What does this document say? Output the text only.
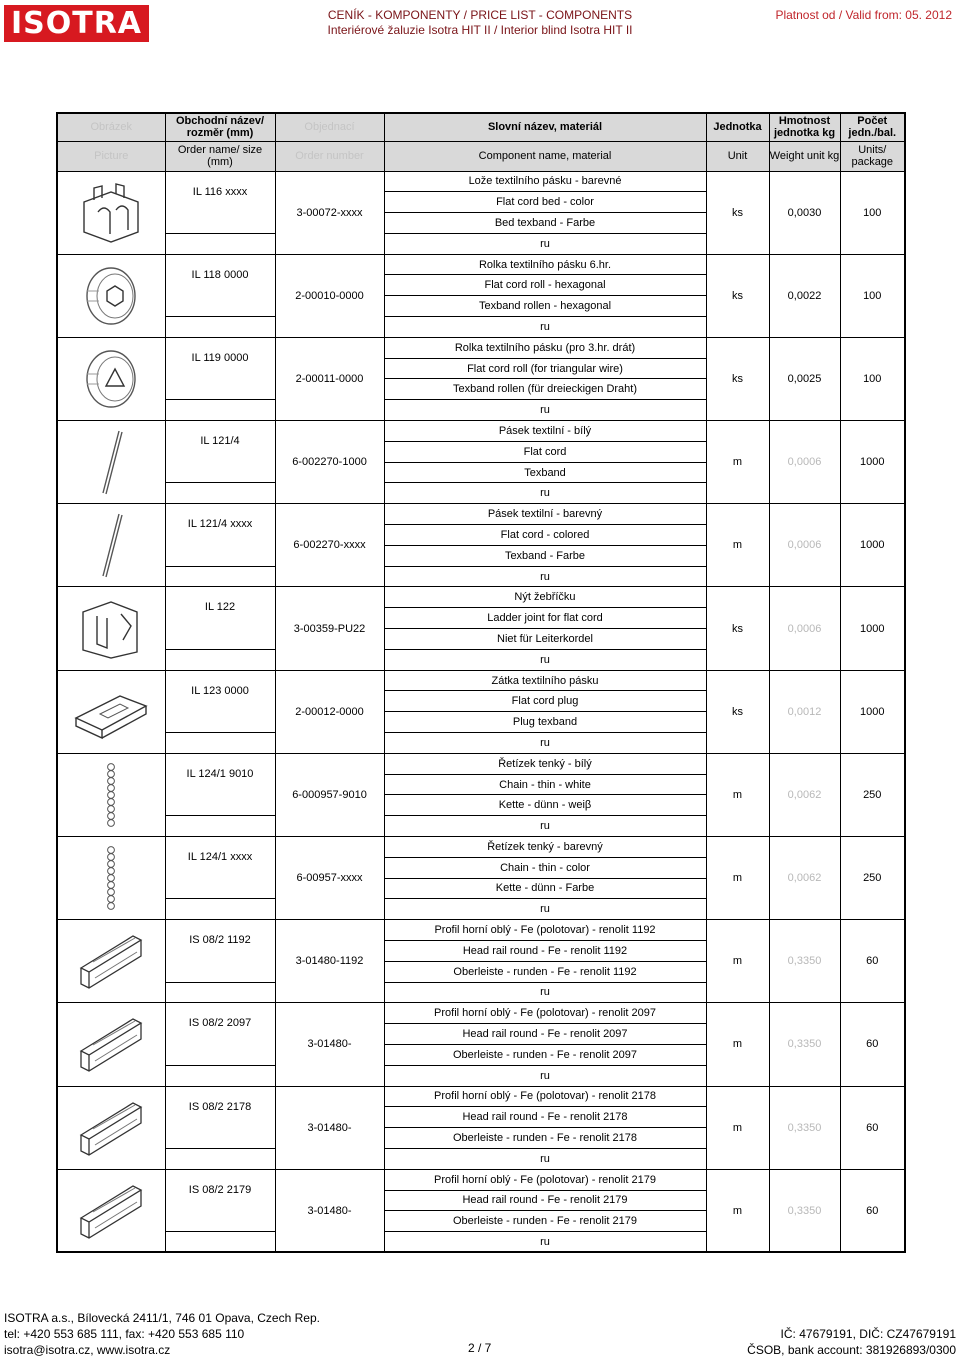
ISOTRA	CENÍK - KOMPONENTY / PRICE LIST - COMPONENTS
Interiérové žaluzie Isotra HIT II / Interior blind Isotra HIT II
Platnost od / Valid from: 05. 2012
Obrázek	Obchodní název/ rozměr (mm)	Objednací	Slovní název, materiál	Jednotka	Hmotnost jednotka kg	Počet jedn./bal.
Picture	Order name/ size (mm)	Order number	Component name, material	Unit	Weight unit kg	Units/ package

	IL 116 xxxx	3-00072-xxxx	Lože textilního pásku - barevné	ks	0,0030	100
			Flat cord bed - color			
			Bed texband - Farbe			
			ru			

	IL 118 0000	2-00010-0000	Rolka textilního pásku 6.hr.	ks	0,0022	100
			Flat cord roll - hexagonal			
			Texband rollen - hexagonal			
			ru			

	IL 119 0000	2-00011-0000	Rolka textilního pásku (pro 3.hr. drát)	ks	0,0025	100
			Flat cord roll (for triangular wire)			
			Texband rollen (für dreieckigen Draht)			
			ru			

	IL 121/4	6-002270-1000	Pásek textilní - bílý	m	0,0006	1000
			Flat cord			
			Texband			
			ru			

	IL 121/4 xxxx	6-002270-xxxx	Pásek textilní - barevný	m	0,0006	1000
			Flat cord - colored			
			Texband - Farbe			
			ru			

	IL 122	3-00359-PU22	Nýt žebříčku	ks	0,0006	1000
			Ladder joint for flat cord			
			Niet für Leiterkordel			
			ru			

	IL 123 0000	2-00012-0000	Zátka textilního pásku	ks	0,0012	1000
			Flat cord plug			
			Plug texband			
			ru			

	IL 124/1 9010	6-000957-9010	Řetízek tenký - bílý	m	0,0062	250
			Chain - thin - white			
			Kette - dünn - weiβ			
			ru			

	IL 124/1 xxxx	6-00957-xxxx	Řetízek tenký - barevný	m	0,0062	250
			Chain - thin - color			
			Kette - dünn - Farbe			
			ru			

	IS 08/2 1192	3-01480-1192	Profil horní oblý - Fe (polotovar) - renolit 1192	m	0,3350	60
			Head rail round - Fe - renolit 1192			
			Oberleiste - runden - Fe - renolit 1192			
			ru			

	IS 08/2 2097	3-01480-	Profil horní oblý - Fe (polotovar) - renolit 2097	m	0,3350	60
			Head rail round - Fe - renolit 2097			
			Oberleiste - runden - Fe - renolit 2097			
			ru			

	IS 08/2 2178	3-01480-	Profil horní oblý - Fe (polotovar) - renolit 2178	m	0,3350	60
			Head rail round - Fe - renolit 2178			
			Oberleiste - runden - Fe - renolit 2178			
			ru			

	IS 08/2 2179	3-01480-	Profil horní oblý - Fe (polotovar) - renolit 2179	m	0,3350	60
			Head rail round - Fe - renolit 2179			
			Oberleiste - runden - Fe - renolit 2179			
			ru			
ISOTRA a.s., Bílovecká 2411/1, 746 01 Opava, Czech Rep.
tel: +420 553 685 111, fax: +420 553 685 110
isotra@isotra.cz, www.isotra.cz	2 / 7
IČ: 47679191, DIČ: CZ47679191
ČSOB, bank account: 381926893/0300
